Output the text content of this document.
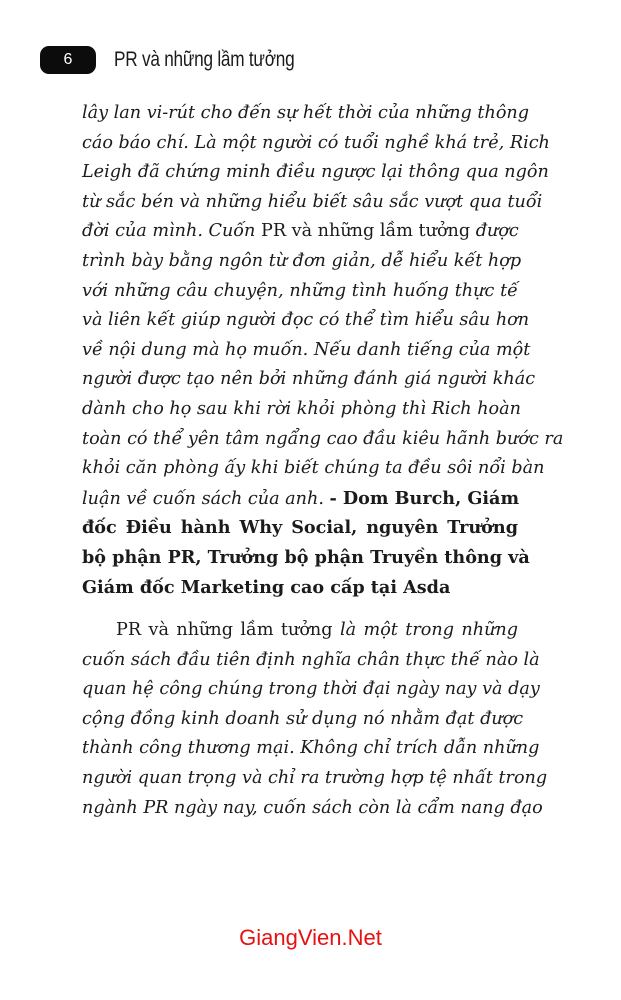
6 PR và những lầm tưởng
lây lan vi-rút cho đến sự hết thời của những thông
cáo báo chí. Là một người có tuổi nghề khá trẻ, Rich
Leigh đã chứng minh điều ngược lại thông qua ngôn
từ sắc bén và những hiểu biết sâu sắc vượt qua tuổi
đời của mình. Cuốn PR và những lầm tưởng được
trình bày bằng ngôn từ đơn giản, dễ hiểu kết hợp
với những câu chuyện, những tình huống thực tế
và liên kết giúp người đọc có thể tìm hiểu sâu hơn
về nội dung mà họ muốn. Nếu danh tiếng của một
người được tạo nên bởi những đánh giá người khác
dành cho họ sau khi rời khỏi phòng thì Rich hoàn
toàn có thể yên tâm ngẩng cao đầu kiêu hãnh bước ra
khỏi căn phòng ấy khi biết chúng ta đều sôi nổi bàn
luận về cuốn sách của anh. - Dom Burch, Giám
đốc Điều hành Why Social, nguyên Trưởng
bộ phận PR, Trưởng bộ phận Truyền thông và
Giám đốc Marketing cao cấp tại Asda
PR và những lầm tưởng là một trong những
cuốn sách đầu tiên định nghĩa chân thực thế nào là
quan hệ công chúng trong thời đại ngày nay và dạy
cộng đồng kinh doanh sử dụng nó nhằm đạt được
thành công thương mại. Không chỉ trích dẫn những
người quan trọng và chỉ ra trường hợp tệ nhất trong
ngành PR ngày nay, cuốn sách còn là cẩm nang đạo
GiangVien.Net
